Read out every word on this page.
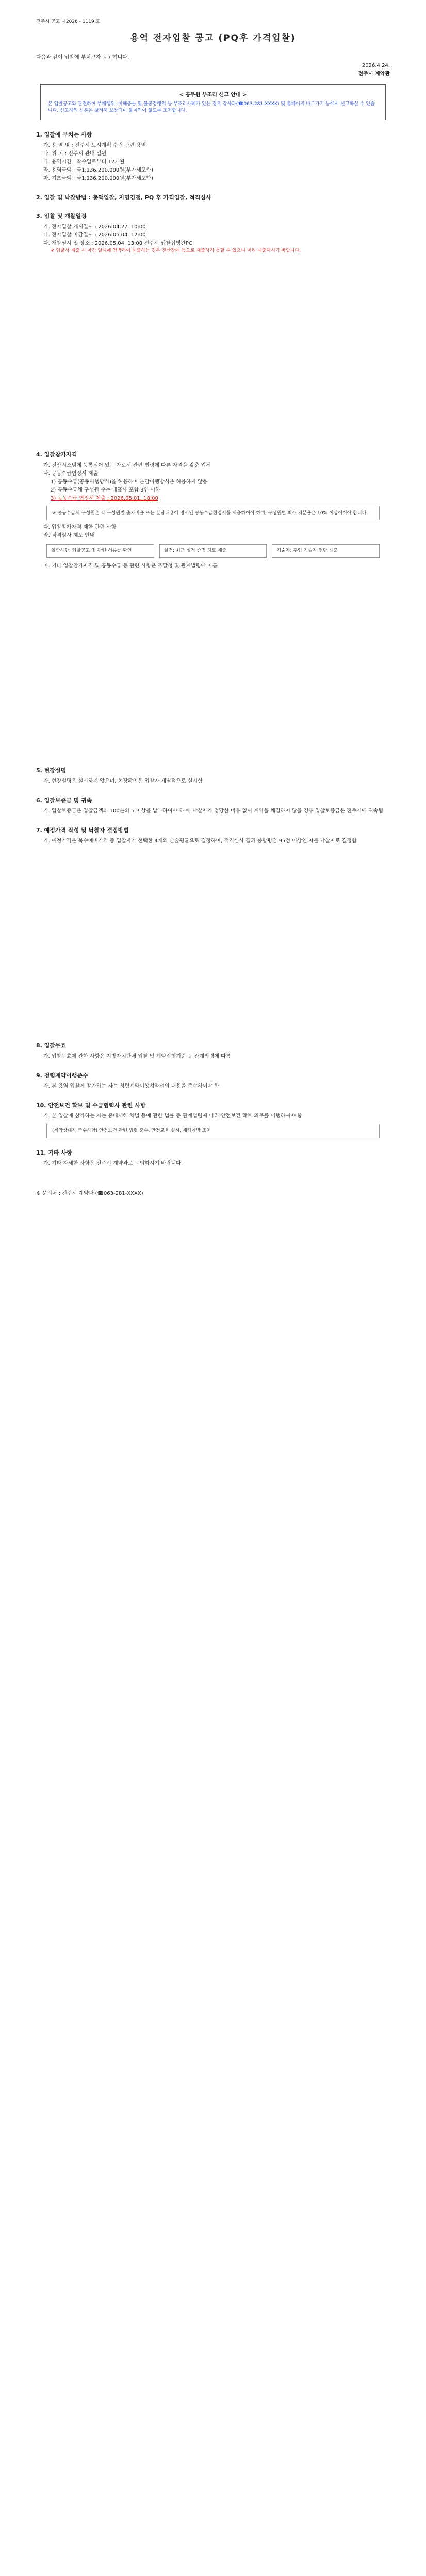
전주시 공고 제2026 - 1119 호
용역 전자입찰 공고 (PQ후 가격입찰)
다음과 같이 입찰에 부치고자 공고합니다.
2026.4.24.
전주시 계약관
< 공무원 부조리 신고 안내 >
본 입찰공고와 관련하여 부패행위, 이해충돌 및 불공정행위 등 부조리사례가 있는 경우 감사과(☎063-281-XXXX) 및 홈페이지 바로가기 등에서 신고하실 수 있습니다. 신고자의 신분은 철저히 보장되며 불이익이 없도록 조치합니다.
1. 입찰에 부치는 사항
가. 용 역 명 : 전주시 도시계획 수립 관련 용역
나. 위 치 : 전주시 관내 일원
다. 용역기간 : 착수일로부터 12개월
라. 용역금액 : 금1,136,200,000원(부가세포함)
마. 기초금액 : 금1,136,200,000원(부가세포함)
2. 입찰 및 낙찰방법 : 총액입찰, 지명경쟁, PQ 후 가격입찰, 적격심사
3. 입찰 및 개찰일정
가. 전자입찰 개시일시 : 2026.04.27. 10:00
나. 전자입찰 마감일시 : 2026.05.04. 12:00
다. 개찰일시 및 장소 : 2026.05.04. 13:00 전주시 입찰집행관PC
※ 입찰서 제출 시 마감 일시에 임박하여 제출하는 경우 전산장애 등으로 제출하지 못할 수 있으니 미리 제출하시기 바랍니다.
4. 입찰참가자격
가. 전산시스템에 등록되어 있는 자로서 관련 법령에 따른 자격을 갖춘 업체
나. 공동수급협정서 제출
1) 공동수급(공동이행방식)을 허용하며 분담이행방식은 허용하지 않음
2) 공동수급체 구성원 수는 대표사 포함 3인 이하
3) 공동수급 협정서 제출 : 2026.05.01. 18:00
※ 공동수급체 구성원은 각 구성원별 출자비율 또는 분담내용이 명시된 공동수급협정서를 제출하여야 하며, 구성원별 최소 지분율은 10% 이상이어야 합니다.
다. 입찰참가자격 제한 관련 사항
라. 적격심사 제도 안내
일반사항: 입찰공고 및 관련 서류를 확인	실적: 최근 실적 증명 자료 제출	기술자: 투입 기술자 명단 제출
마. 기타 입찰참가자격 및 공동수급 등 관련 사항은 조달청 및 관계법령에 따름
5. 현장설명
가. 현장설명은 실시하지 않으며, 현장확인은 입찰자 개별적으로 실시함
6. 입찰보증금 및 귀속
가. 입찰보증금은 입찰금액의 100분의 5 이상을 납부하여야 하며, 낙찰자가 정당한 이유 없이 계약을 체결하지 않을 경우 입찰보증금은 전주시에 귀속됨
7. 예정가격 작성 및 낙찰자 결정방법
가. 예정가격은 복수예비가격 중 입찰자가 선택한 4개의 산술평균으로 결정하며, 적격심사 결과 종합평점 95점 이상인 자를 낙찰자로 결정함
8. 입찰무효
가. 입찰무효에 관한 사항은 지방자치단체 입찰 및 계약집행기준 등 관계법령에 따름
9. 청렴계약이행준수
가. 본 용역 입찰에 참가하는 자는 청렴계약이행서약서의 내용을 준수하여야 함
10. 안전보건 확보 및 수급협력사 관련 사항
가. 본 입찰에 참가하는 자는 중대재해 처벌 등에 관한 법률 등 관계법령에 따라 안전보건 확보 의무를 이행하여야 함
(계약상대자 준수사항) 안전보건 관련 법령 준수, 안전교육 실시, 재해예방 조치
11. 기타 사항
가. 기타 자세한 사항은 전주시 계약과로 문의하시기 바랍니다.
※ 문의처 : 전주시 계약과 (☎063-281-XXXX)
